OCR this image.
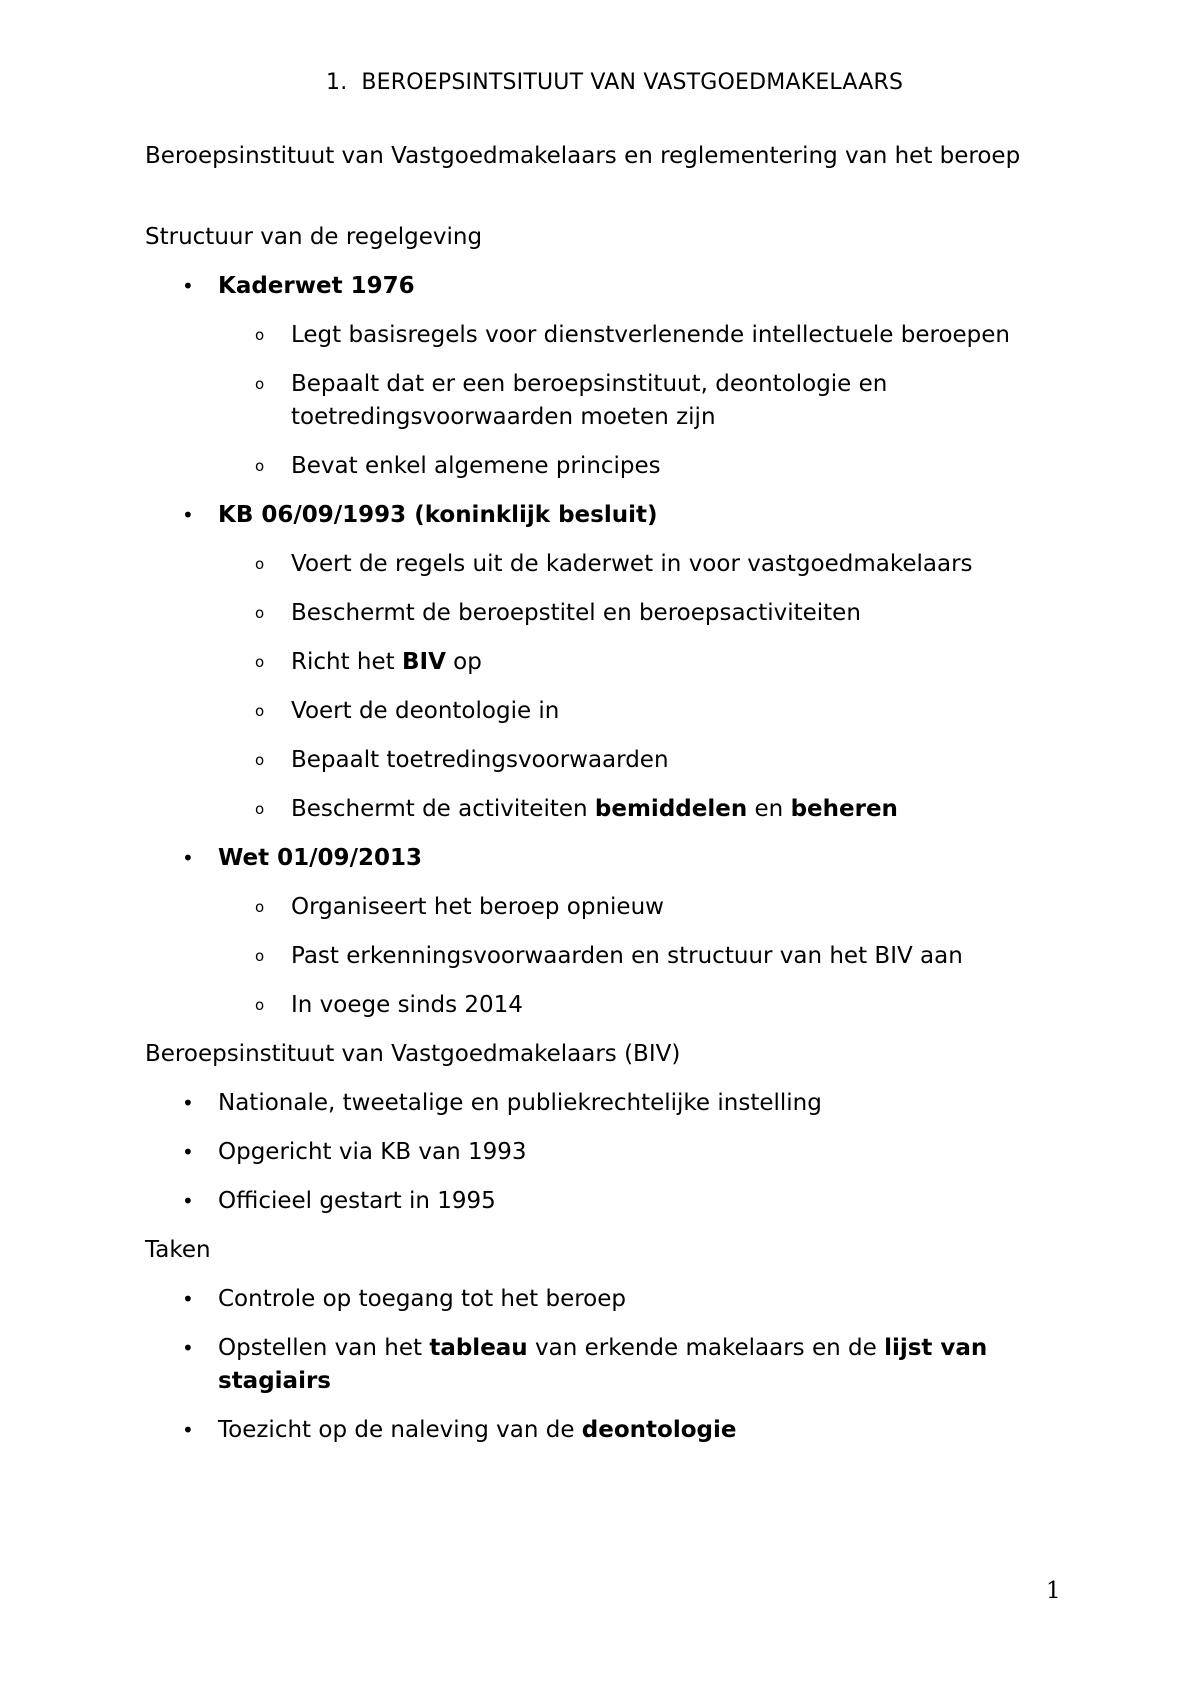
1. BEROEPSINTSITUUT VAN VASTGOEDMAKELAARS
Beroepsinstituut van Vastgoedmakelaars en reglementering van het beroep
Structuur van de regelgeving
• Kaderwet 1976
o Legt basisregels voor dienstverlenende intellectuele beroepen
o Bepaalt dat er een beroepsinstituut, deontologie en toetredingsvoorwaarden moeten zijn
o Bevat enkel algemene principes
• KB 06/09/1993 (koninklijk besluit)
o Voert de regels uit de kaderwet in voor vastgoedmakelaars
o Beschermt de beroepstitel en beroepsactiviteiten
o Richt het BIV op
o Voert de deontologie in
o Bepaalt toetredingsvoorwaarden
o Beschermt de activiteiten bemiddelen en beheren
• Wet 01/09/2013
o Organiseert het beroep opnieuw
o Past erkenningsvoorwaarden en structuur van het BIV aan
o In voege sinds 2014
Beroepsinstituut van Vastgoedmakelaars (BIV)
• Nationale, tweetalige en publiekrechtelijke instelling
• Opgericht via KB van 1993
• Officieel gestart in 1995
Taken
• Controle op toegang tot het beroep
• Opstellen van het tableau van erkende makelaars en de lijst van stagiairs
• Toezicht op de naleving van de deontologie
1
